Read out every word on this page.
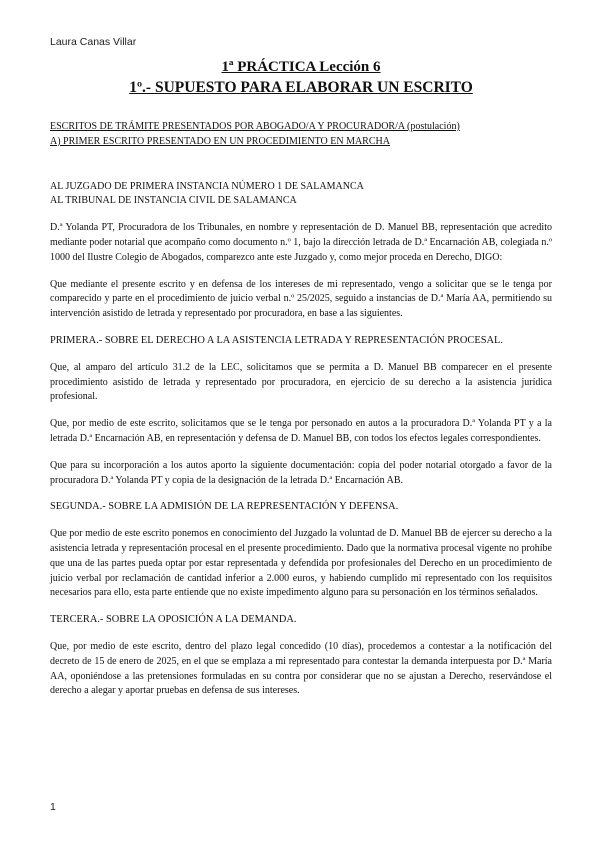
Laura Canas Villar

1ª PRÁCTICA Lección 6

1º.- SUPUESTO PARA ELABORAR UN ESCRITO

ESCRITOS DE TRÁMITE PRESENTADOS POR ABOGADO/A Y PROCURADOR/A (postulación)
A) PRIMER ESCRITO PRESENTADO EN UN PROCEDIMIENTO EN MARCHA
AL JUZGADO DE PRIMERA INSTANCIA NÚMERO 1 DE SALAMANCA
AL TRIBUNAL DE INSTANCIA CIVIL DE SALAMANCA

D.ª Yolanda PT, Procuradora de los Tribunales, en nombre y representación de D. Manuel BB, representación que acredito mediante poder notarial que acompaño como documento n.º 1, bajo la dirección letrada de D.ª Encarnación AB, colegiada n.º 1000 del Ilustre Colegio de Abogados, comparezco ante este Juzgado y, como mejor proceda en Derecho, DIGO:

Que mediante el presente escrito y en defensa de los intereses de mi representado, vengo a solicitar que se le tenga por comparecido y parte en el procedimiento de juicio verbal n.º 25/2025, seguido a instancias de D.ª María AA, permitiendo su intervención asistido de letrada y representado por procuradora, en base a las siguientes.

PRIMERA.- SOBRE EL DERECHO A LA ASISTENCIA LETRADA Y REPRESENTACIÓN PROCESAL.

Que, al amparo del artículo 31.2 de la LEC, solicitamos que se permita a D. Manuel BB comparecer en el presente procedimiento asistido de letrada y representado por procuradora, en ejercicio de su derecho a la asistencia jurídica profesional.

Que, por medio de este escrito, solicitamos que se le tenga por personado en autos a la procuradora D.ª Yolanda PT y a la letrada D.ª Encarnación AB, en representación y defensa de D. Manuel BB, con todos los efectos legales correspondientes.

Que para su incorporación a los autos aporto la siguiente documentación: copia del poder notarial otorgado a favor de la procuradora D.ª Yolanda PT y copia de la designación de la letrada D.ª Encarnación AB.

SEGUNDA.- SOBRE LA ADMISIÓN DE LA REPRESENTACIÓN Y DEFENSA.

Que por medio de este escrito ponemos en conocimiento del Juzgado la voluntad de D. Manuel BB de ejercer su derecho a la asistencia letrada y representación procesal en el presente procedimiento. Dado que la normativa procesal vigente no prohíbe que una de las partes pueda optar por estar representada y defendida por profesionales del Derecho en un procedimiento de juicio verbal por reclamación de cantidad inferior a 2.000 euros, y habiendo cumplido mi representado con los requisitos necesarios para ello, esta parte entiende que no existe impedimento alguno para su personación en los términos señalados.

TERCERA.- SOBRE LA OPOSICIÓN A LA DEMANDA.

Que, por medio de este escrito, dentro del plazo legal concedido (10 días), procedemos a contestar a la notificación del decreto de 15 de enero de 2025, en el que se emplaza a mi representado para contestar la demanda interpuesta por D.ª María AA, oponiéndose a las pretensiones formuladas en su contra por considerar que no se ajustan a Derecho, reservándose el derecho a alegar y aportar pruebas en defensa de sus intereses.

1
